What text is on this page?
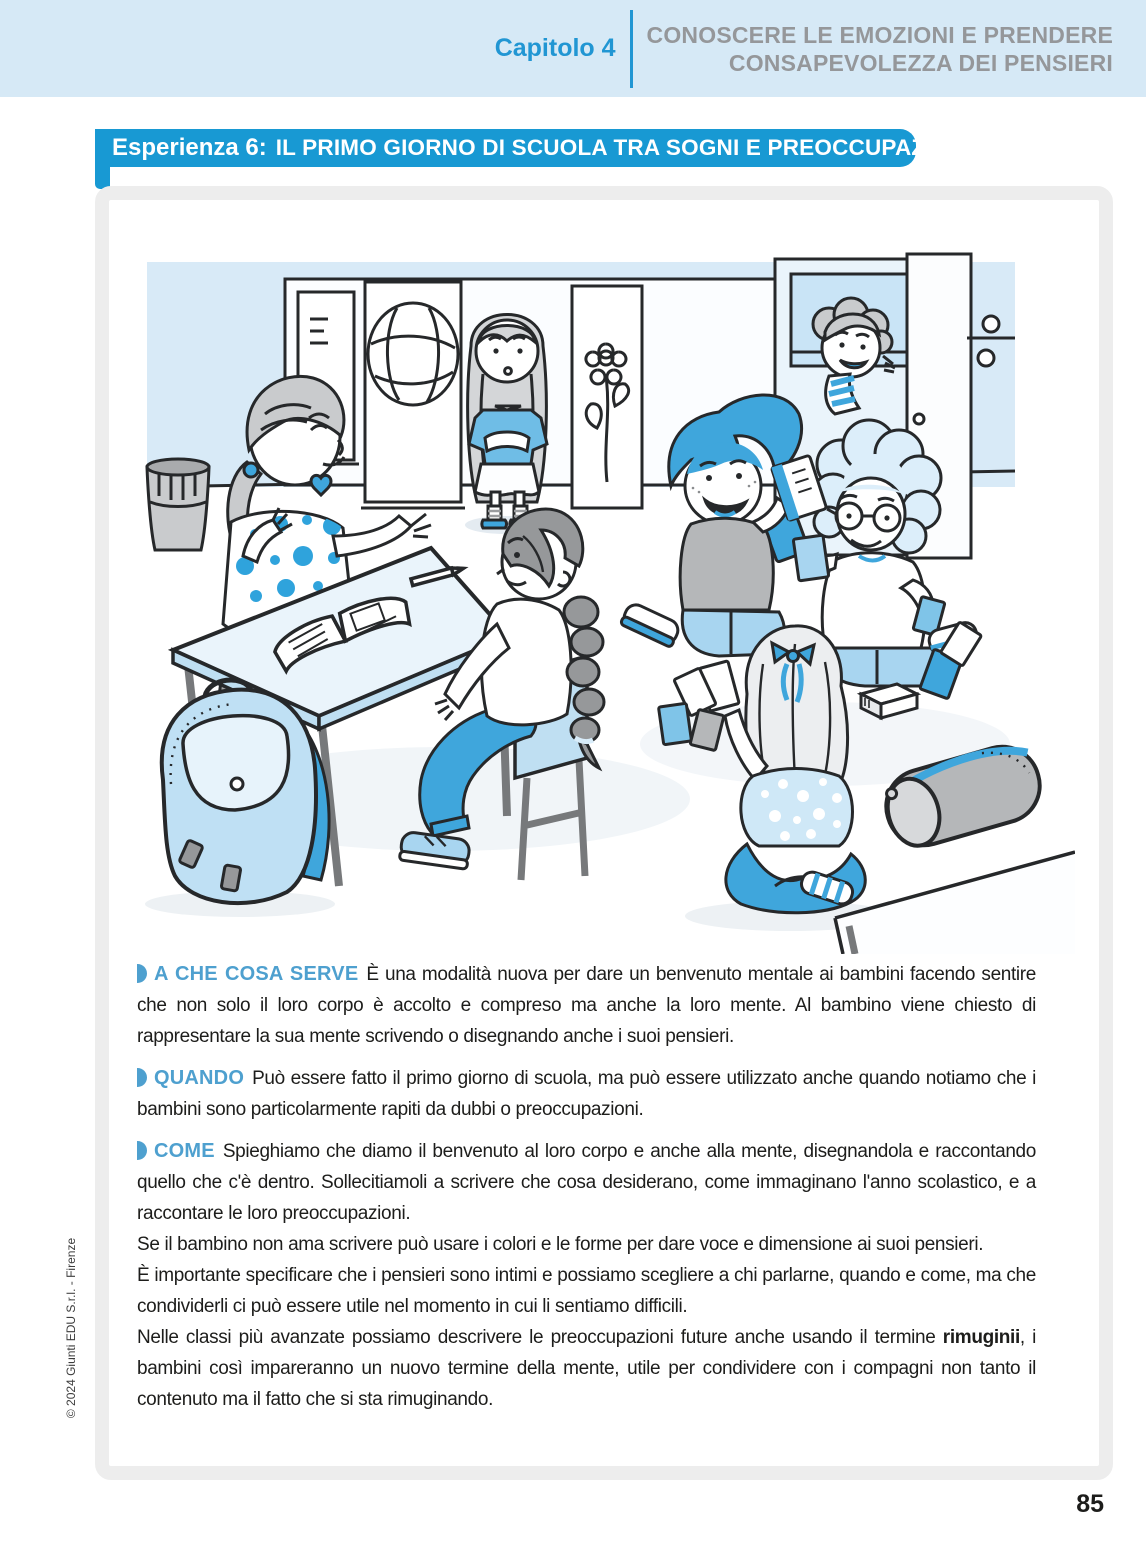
Capitolo 4 CONOSCERE LE EMOZIONI E PRENDERE
CONSAPEVOLEZZA DEI PENSIERI
Esperienza 6: IL PRIMO GIORNO DI SCUOLA TRA SOGNI E PREOCCUPAZIONI

A CHE COSA SERVE È una modalità nuova per dare un benvenuto mentale ai bambini facendo sentire che non solo il loro corpo è accolto e compreso ma anche la loro mente. Al bambino viene chiesto di rappresentare la sua mente scrivendo o disegnando anche i suoi pensieri.

QUANDO Può essere fatto il primo giorno di scuola, ma può essere utilizzato anche quando notiamo che i bambini sono particolarmente rapiti da dubbi o preoccupazioni.

COME Spieghiamo che diamo il benvenuto al loro corpo e anche alla mente, disegnandola e raccontando quello che c'è dentro. Sollecitiamoli a scrivere che cosa desiderano, come immaginano l'anno scolastico, e a raccontare le loro preoccupazioni.

Se il bambino non ama scrivere può usare i colori e le forme per dare voce e dimensione ai suoi pensieri.

È importante specificare che i pensieri sono intimi e possiamo scegliere a chi parlarne, quando e come, ma che condividerli ci può essere utile nel momento in cui li sentiamo difficili.

Nelle classi più avanzate possiamo descrivere le preoccupazioni future anche usando il termine rimuginii, i bambini così impareranno un nuovo termine della mente, utile per condividere con i compagni non tanto il contenuto ma il fatto che si sta rimuginando.

© 2024 Giunti EDU S.r.l. - Firenze
85
